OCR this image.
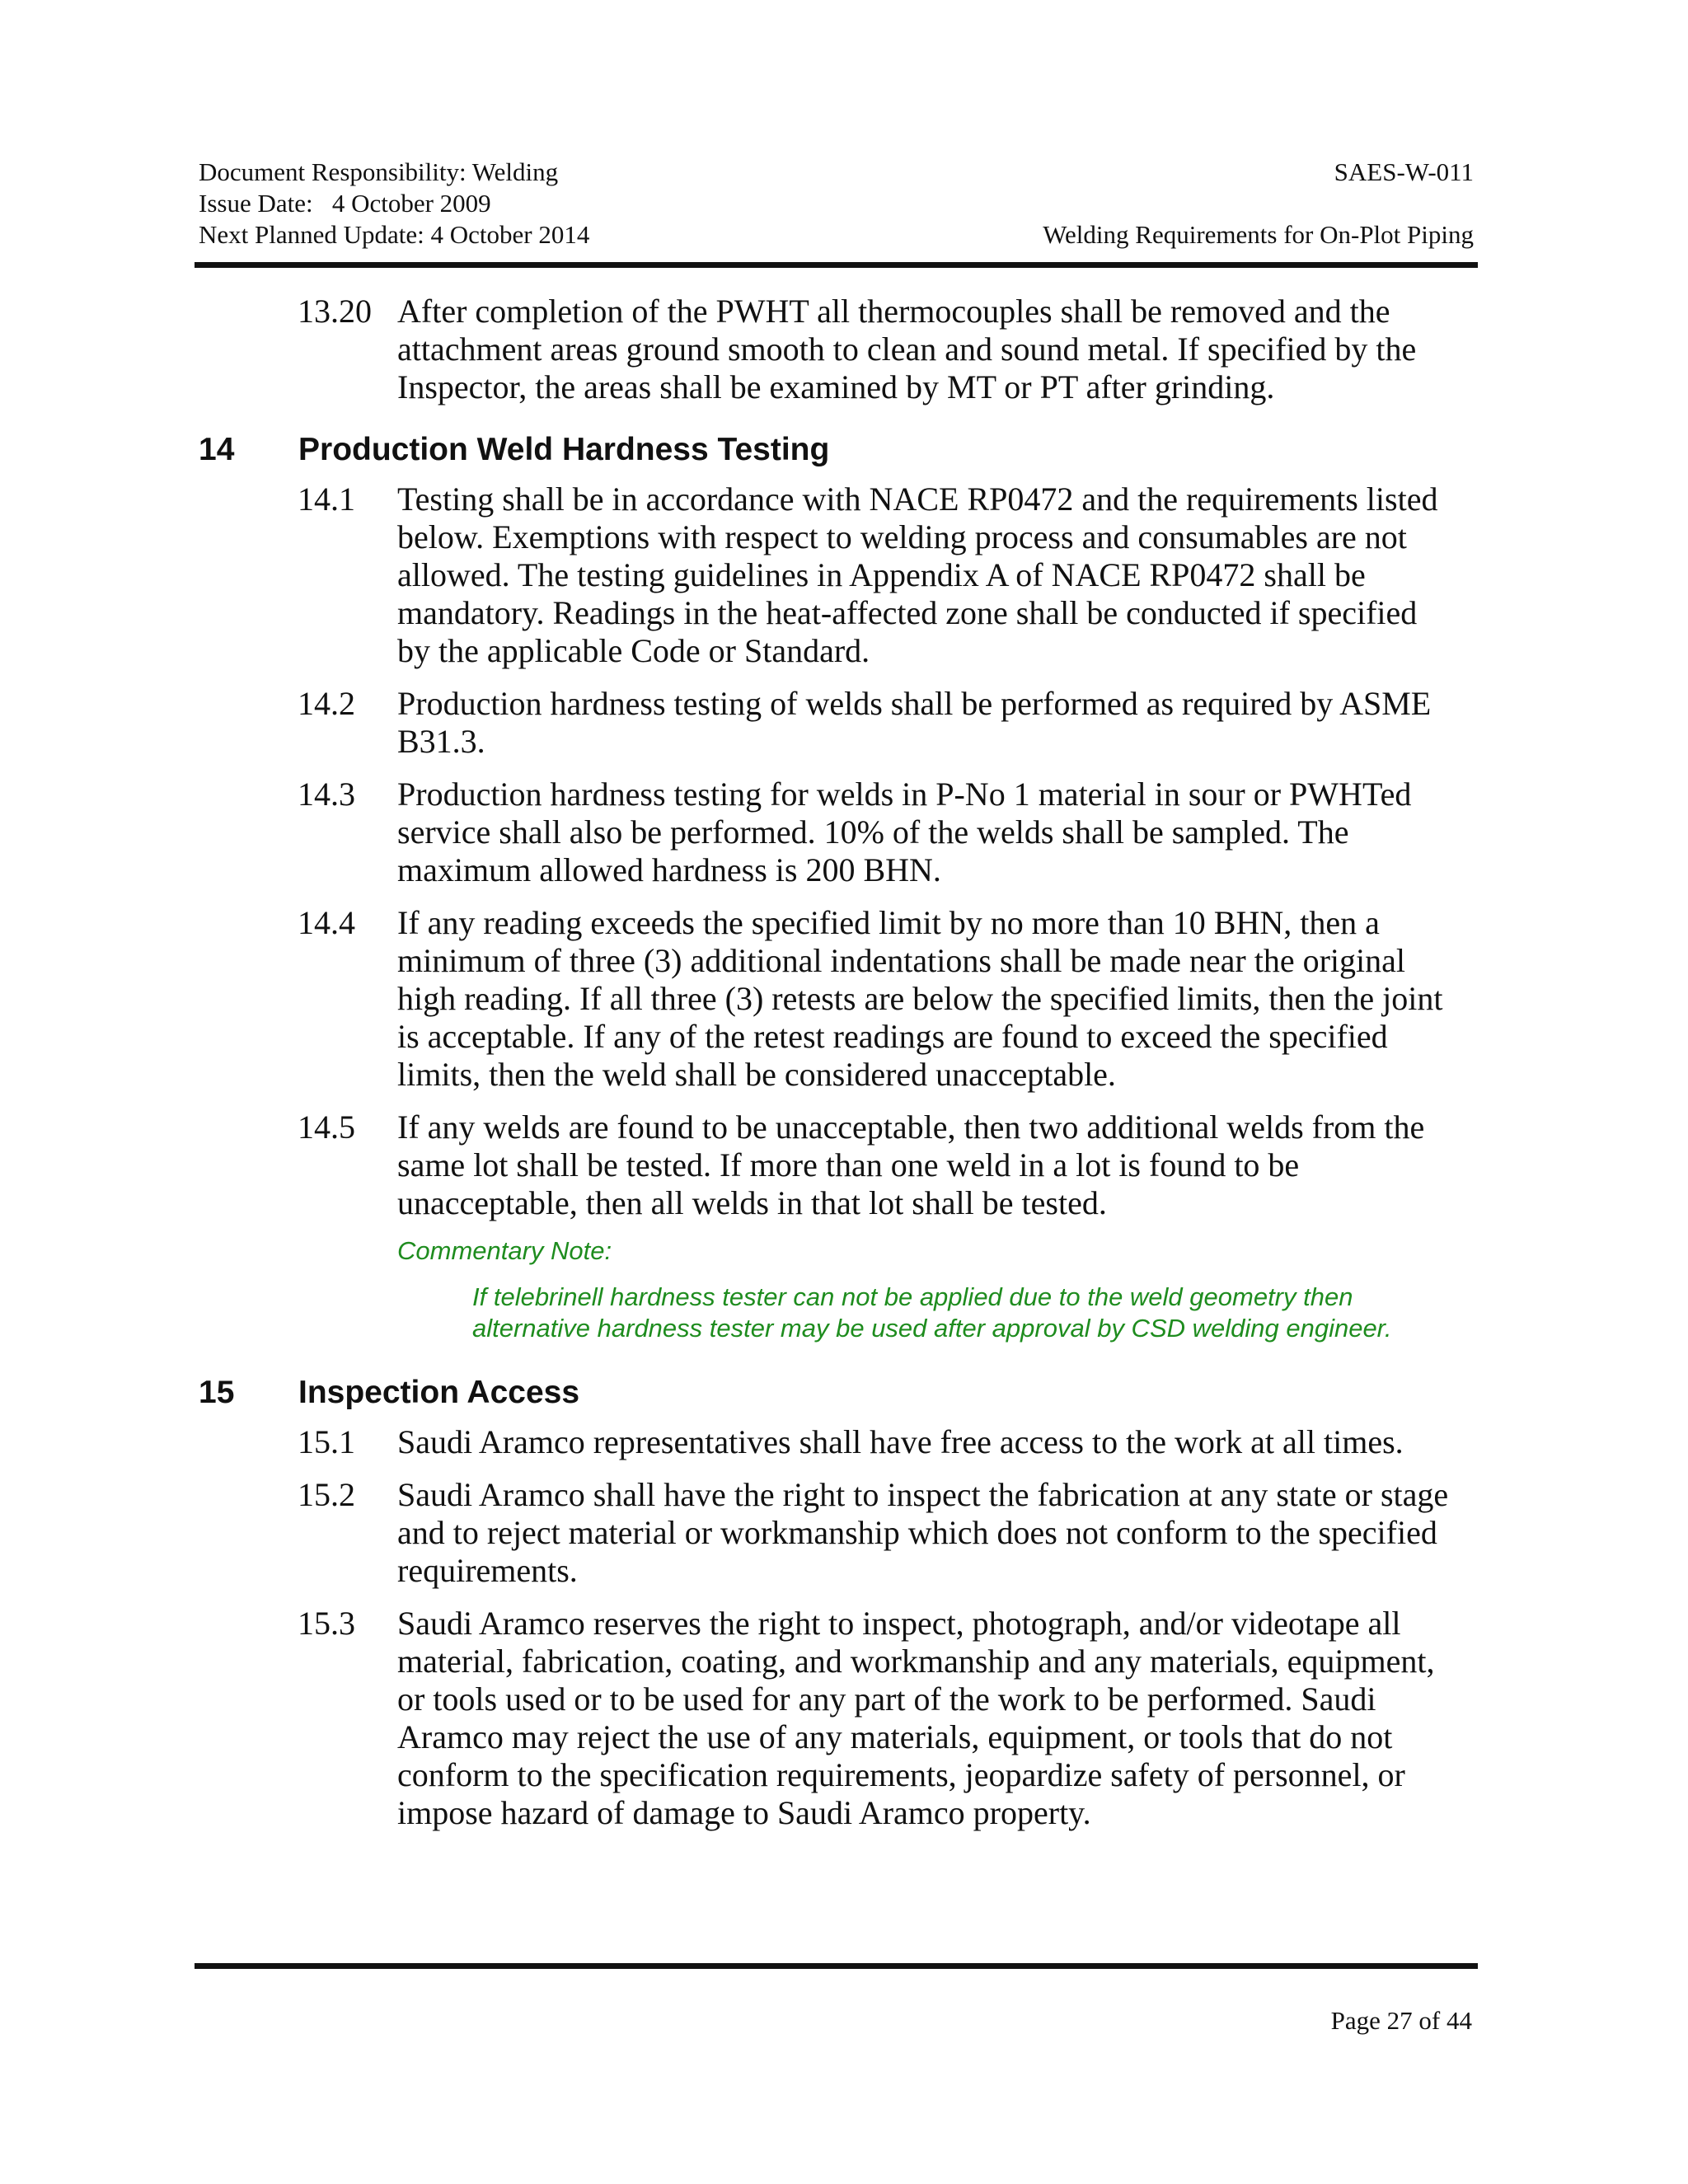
Document Responsibility: Welding	SAES-W-011
Issue Date:   4 October 2009
Next Planned Update: 4 October 2014	Welding Requirements for On-Plot Piping
13.20 After completion of the PWHT all thermocouples shall be removed and the
attachment areas ground smooth to clean and sound metal. If specified by the
Inspector, the areas shall be examined by MT or PT after grinding.
14	Production Weld Hardness Testing
14.1	Testing shall be in accordance with NACE RP0472 and the requirements listed
below. Exemptions with respect to welding process and consumables are not
allowed. The testing guidelines in Appendix A of NACE RP0472 shall be
mandatory. Readings in the heat-affected zone shall be conducted if specified
by the applicable Code or Standard.
14.2	Production hardness testing of welds shall be performed as required by ASME
B31.3.
14.3	Production hardness testing for welds in P-No 1 material in sour or PWHTed
service shall also be performed. 10% of the welds shall be sampled. The
maximum allowed hardness is 200 BHN.
14.4	If any reading exceeds the specified limit by no more than 10 BHN, then a
minimum of three (3) additional indentations shall be made near the original
high reading. If all three (3) retests are below the specified limits, then the joint
is acceptable. If any of the retest readings are found to exceed the specified
limits, then the weld shall be considered unacceptable.
14.5	If any welds are found to be unacceptable, then two additional welds from the
same lot shall be tested. If more than one weld in a lot is found to be
unacceptable, then all welds in that lot shall be tested.
Commentary Note:
If telebrinell hardness tester can not be applied due to the weld geometry then
alternative hardness tester may be used after approval by CSD welding engineer.
15	Inspection Access
15.1	Saudi Aramco representatives shall have free access to the work at all times.
15.2	Saudi Aramco shall have the right to inspect the fabrication at any state or stage
and to reject material or workmanship which does not conform to the specified
requirements.
15.3	Saudi Aramco reserves the right to inspect, photograph, and/or videotape all
material, fabrication, coating, and workmanship and any materials, equipment,
or tools used or to be used for any part of the work to be performed. Saudi
Aramco may reject the use of any materials, equipment, or tools that do not
conform to the specification requirements, jeopardize safety of personnel, or
impose hazard of damage to Saudi Aramco property.
Page 27 of 44
